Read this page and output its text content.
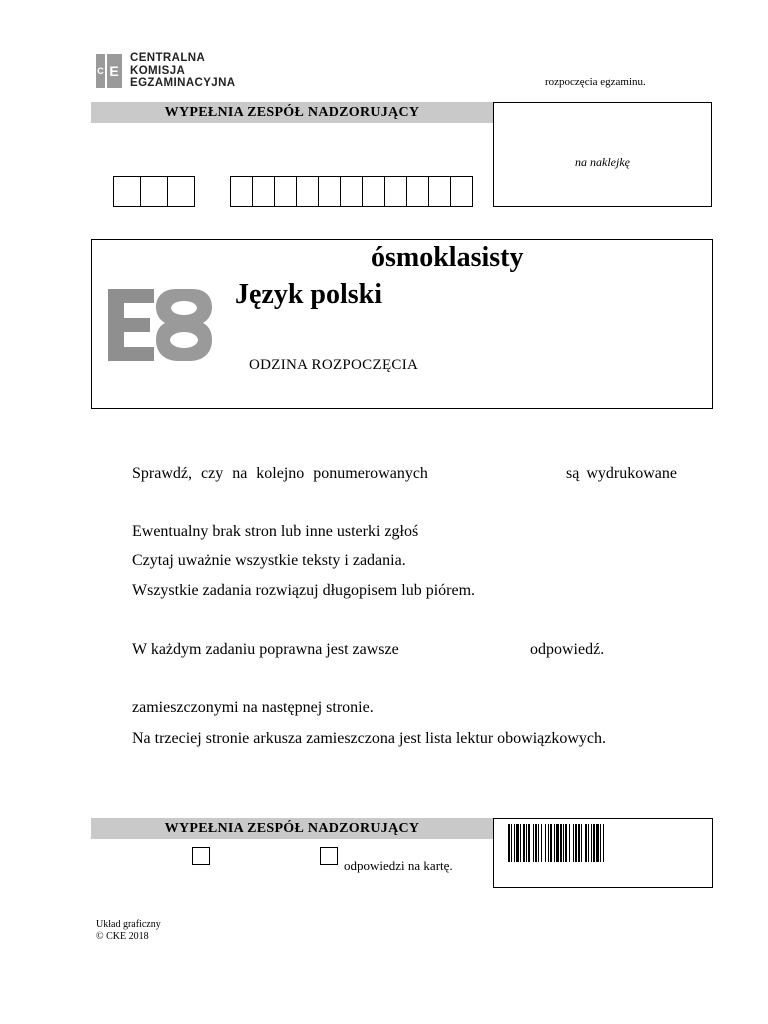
C E
CENTRALNA
KOMISJA
EGZAMINACYJNA	rozpoczęcia egzaminu.
WYPEŁNIA ZESPÓŁ NADZORUJĄCY
na naklejkę
ósmoklasisty
Język polski
ODZINA ROZPOCZĘCIA
Sprawdź, czy na kolejno ponumerowanych	są wydrukowane
Ewentualny brak stron lub inne usterki zgłoś
Czytaj uważnie wszystkie teksty i zadania.
Wszystkie zadania rozwiązuj długopisem lub piórem.
W każdym zadaniu poprawna jest zawsze	odpowiedź.
zamieszczonymi na następnej stronie.
Na trzeciej stronie arkusza zamieszczona jest lista lektur obowiązkowych.
WYPEŁNIA ZESPÓŁ NADZORUJĄCY
odpowiedzi na kartę.
Układ graficzny
© CKE 2018
